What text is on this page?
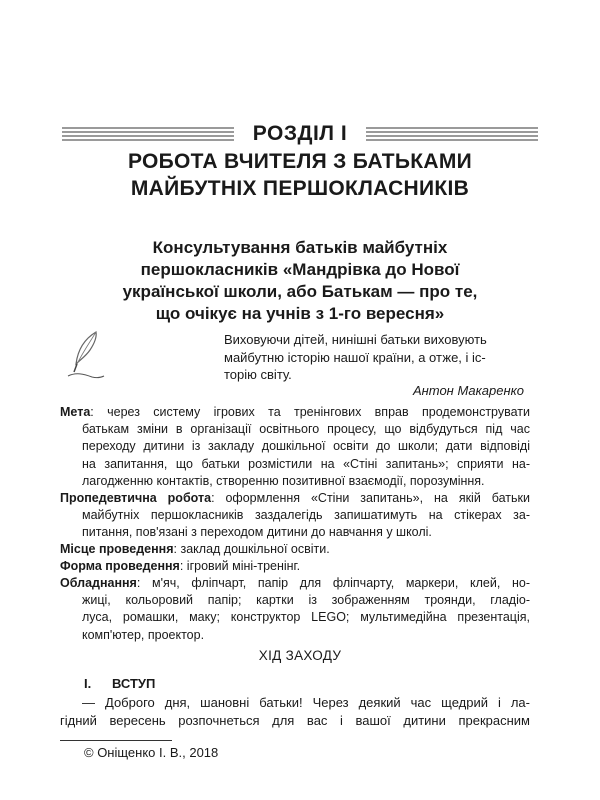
РОЗДІЛ І
РОБОТА ВЧИТЕЛЯ З БАТЬКАМИ
МАЙБУТНІХ ПЕРШОКЛАСНИКІВ
Консультування батьків майбутніх
першокласників «Мандрівка до Нової
української школи, або Батькам — про те,
що очікує на учнів з 1-го вересня»
Виховуючи дітей, нинішні батьки виховують
майбутню історію нашої країни, а отже, і іс-
торію світу.
Антон Макаренко
Мета: через систему ігрових та тренінгових вправ продемонструвати
батькам зміни в організації освітнього процесу, що відбудуться під час
переходу дитини із закладу дошкільної освіти до школи; дати відповіді
на запитання, що батьки розмістили на «Стіні запитань»; сприяти на-
лагодженню контактів, створенню позитивної взаємодії, порозуміння.
Пропедевтична робота: оформлення «Стіни запитань», на якій батьки
майбутніх першокласників заздалегідь запишатимуть на стікерах за-
питання, пов'язані з переходом дитини до навчання у школі.
Місце проведення: заклад дошкільної освіти.
Форма проведення: ігровий міні-тренінг.
Обладнання: м'яч, фліпчарт, папір для фліпчарту, маркери, клей, но-
жиці, кольоровий папір; картки із зображенням троянди, гладіо-
луса, ромашки, маку; конструктор LEGO; мультимедійна презентація,
комп'ютер, проектор.
ХІД ЗАХОДУ
I. ВСТУП
— Доброго дня, шановні батьки! Через деякий час щедрий і ла-
гідний вересень розпочнеться для вас і вашої дитини прекрасним
© Оніщенко І. В., 2018
